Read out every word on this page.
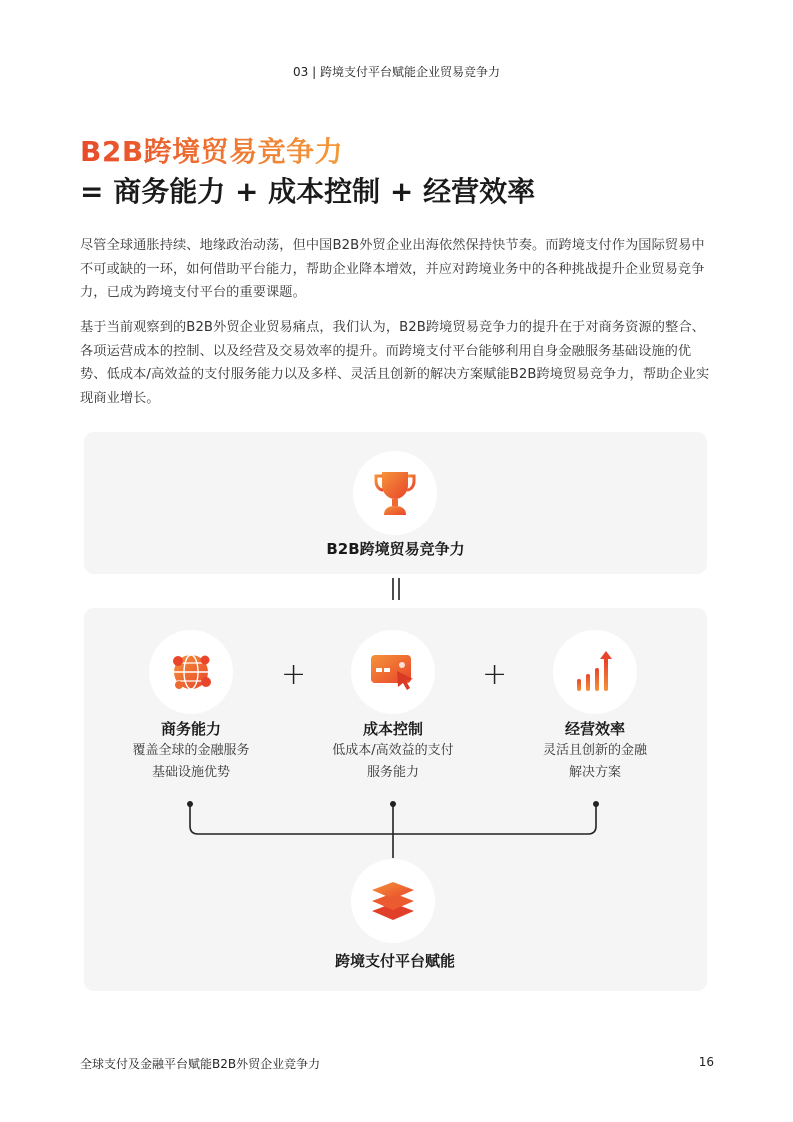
03 | 跨境支付平台赋能企业贸易竞争力
B2B跨境贸易竞争力
= 商务能力 + 成本控制 + 经营效率
尽管全球通胀持续、地缘政治动荡，但中国B2B外贸企业出海依然保持快节奏。而跨境支付作为国际贸易中不可或缺的一环，如何借助平台能力，帮助企业降本增效，并应对跨境业务中的各种挑战提升企业贸易竞争力，已成为跨境支付平台的重要课题。
基于当前观察到的B2B外贸企业贸易痛点，我们认为，B2B跨境贸易竞争力的提升在于对商务资源的整合、各项运营成本的控制、以及经营及交易效率的提升。而跨境支付平台能够利用自身金融服务基础设施的优势、低成本/高效益的支付服务能力以及多样、灵活且创新的解决方案赋能B2B跨境贸易竞争力，帮助企业实现商业增长。
B2B跨境贸易竞争力
商务能力
覆盖全球的金融服务
基础设施优势
+
成本控制
低成本/高效益的支付
服务能力
+
经营效率
灵活且创新的金融
解决方案
跨境支付平台赋能
全球支付及金融平台赋能B2B外贸企业竞争力	16
